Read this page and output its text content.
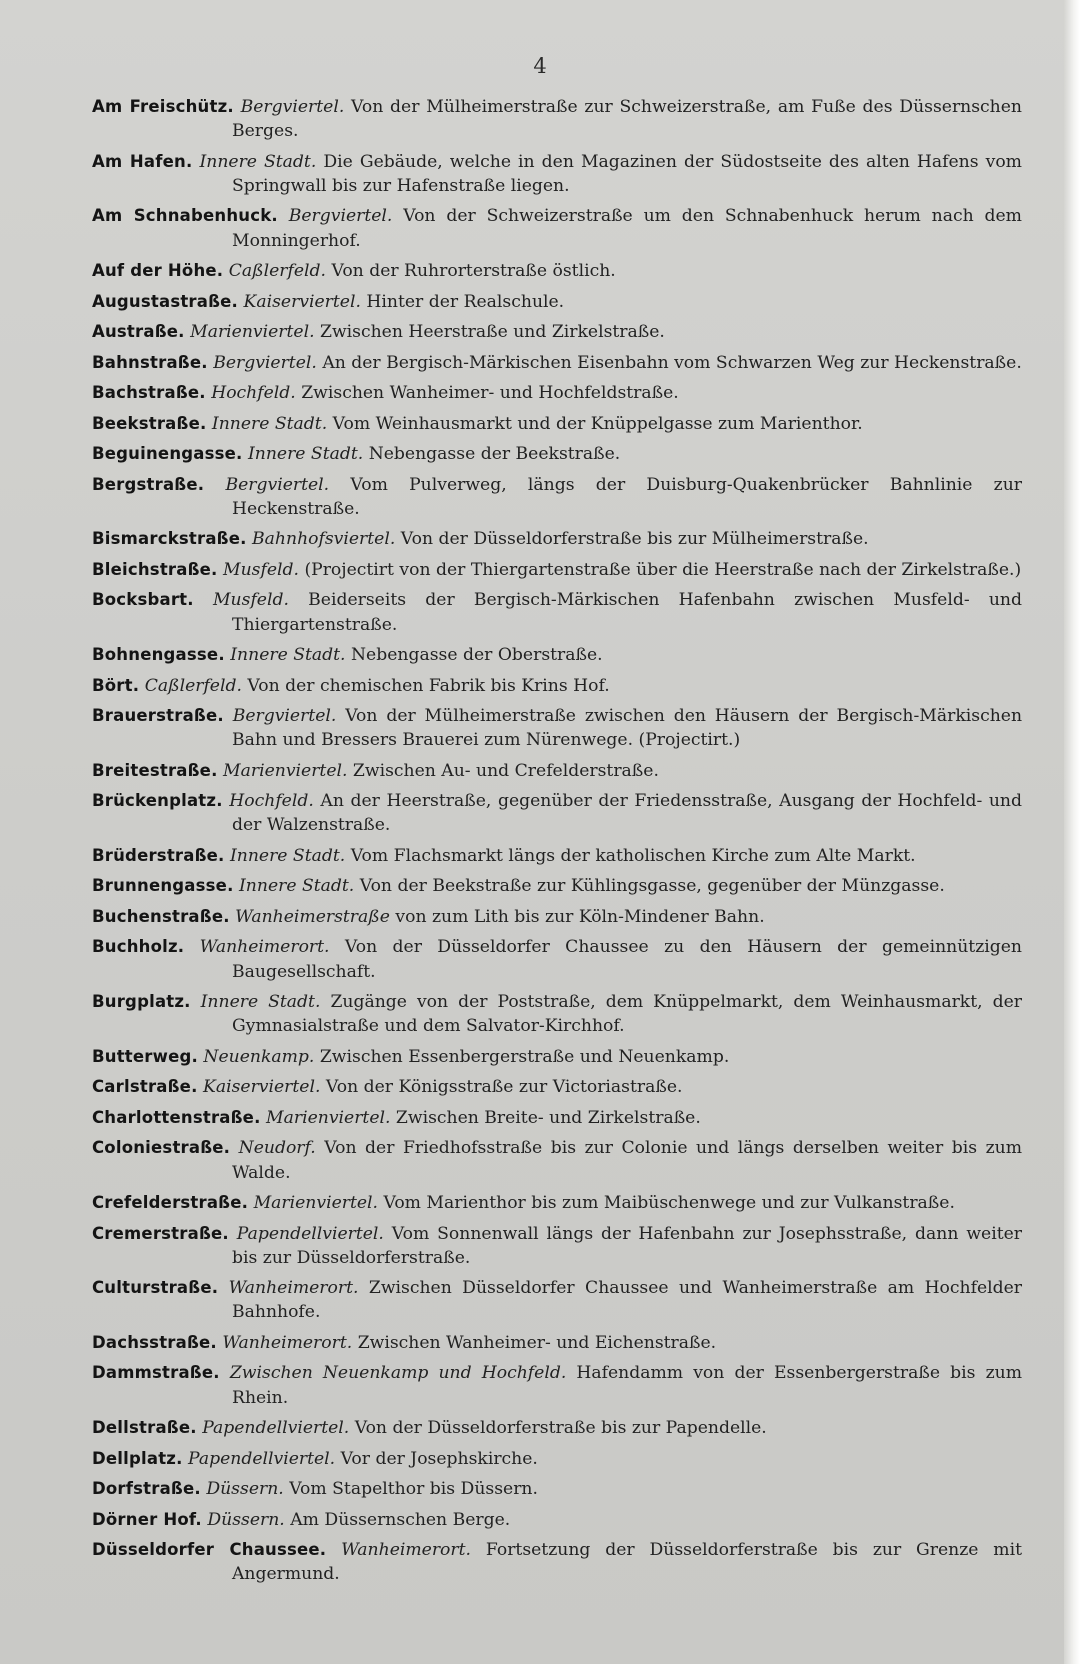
4
Am Freischütz. Bergviertel. Von der Mülheimerstraße zur Schweizerstraße, am Fuße des Düssernschen Berges.
Am Hafen. Innere Stadt. Die Gebäude, welche in den Magazinen der Südostseite des alten Hafens vom Springwall bis zur Hafenstraße liegen.
Am Schnabenhuck. Bergviertel. Von der Schweizerstraße um den Schnabenhuck herum nach dem Monningerhof.
Auf der Höhe. Caßlerfeld. Von der Ruhrorterstraße östlich.
Augustastraße. Kaiserviertel. Hinter der Realschule.
Austraße. Marienviertel. Zwischen Heerstraße und Zirkelstraße.
Bahnstraße. Bergviertel. An der Bergisch-Märkischen Eisenbahn vom Schwarzen Weg zur Heckenstraße.
Bachstraße. Hochfeld. Zwischen Wanheimer- und Hochfeldstraße.
Beekstraße. Innere Stadt. Vom Weinhausmarkt und der Knüppelgasse zum Marienthor.
Beguinengasse. Innere Stadt. Nebengasse der Beekstraße.
Bergstraße. Bergviertel. Vom Pulverweg, längs der Duisburg-Quakenbrücker Bahnlinie zur Heckenstraße.
Bismarckstraße. Bahnhofsviertel. Von der Düsseldorferstraße bis zur Mülheimerstraße.
Bleichstraße. Musfeld. (Projectirt von der Thiergartenstraße über die Heerstraße nach der Zirkelstraße.)
Bocksbart. Musfeld. Beiderseits der Bergisch-Märkischen Hafenbahn zwischen Musfeld- und Thiergartenstraße.
Bohnengasse. Innere Stadt. Nebengasse der Oberstraße.
Bört. Caßlerfeld. Von der chemischen Fabrik bis Krins Hof.
Brauerstraße. Bergviertel. Von der Mülheimerstraße zwischen den Häusern der Bergisch-Märkischen Bahn und Bressers Brauerei zum Nürenwege. (Projectirt.)
Breitestraße. Marienviertel. Zwischen Au- und Crefelderstraße.
Brückenplatz. Hochfeld. An der Heerstraße, gegenüber der Friedensstraße, Ausgang der Hochfeld- und der Walzenstraße.
Brüderstraße. Innere Stadt. Vom Flachsmarkt längs der katholischen Kirche zum Alte Markt.
Brunnengasse. Innere Stadt. Von der Beekstraße zur Kühlingsgasse, gegenüber der Münzgasse.
Buchenstraße. Wanheimerstraße von zum Lith bis zur Köln-Mindener Bahn.
Buchholz. Wanheimerort. Von der Düsseldorfer Chaussee zu den Häusern der gemeinnützigen Baugesellschaft.
Burgplatz. Innere Stadt. Zugänge von der Poststraße, dem Knüppelmarkt, dem Weinhausmarkt, der Gymnasialstraße und dem Salvator-Kirchhof.
Butterweg. Neuenkamp. Zwischen Essenbergerstraße und Neuenkamp.
Carlstraße. Kaiserviertel. Von der Königsstraße zur Victoriastraße.
Charlottenstraße. Marienviertel. Zwischen Breite- und Zirkelstraße.
Coloniestraße. Neudorf. Von der Friedhofsstraße bis zur Colonie und längs derselben weiter bis zum Walde.
Crefelderstraße. Marienviertel. Vom Marienthor bis zum Maibüschenwege und zur Vulkanstraße.
Cremerstraße. Papendellviertel. Vom Sonnenwall längs der Hafenbahn zur Josephsstraße, dann weiter bis zur Düsseldorferstraße.
Culturstraße. Wanheimerort. Zwischen Düsseldorfer Chaussee und Wanheimerstraße am Hochfelder Bahnhofe.
Dachsstraße. Wanheimerort. Zwischen Wanheimer- und Eichenstraße.
Dammstraße. Zwischen Neuenkamp und Hochfeld. Hafendamm von der Essenbergerstraße bis zum Rhein.
Dellstraße. Papendellviertel. Von der Düsseldorferstraße bis zur Papendelle.
Dellplatz. Papendellviertel. Vor der Josephskirche.
Dorfstraße. Düssern. Vom Stapelthor bis Düssern.
Dörner Hof. Düssern. Am Düssernschen Berge.
Düsseldorfer Chaussee. Wanheimerort. Fortsetzung der Düsseldorferstraße bis zur Grenze mit Angermund.
